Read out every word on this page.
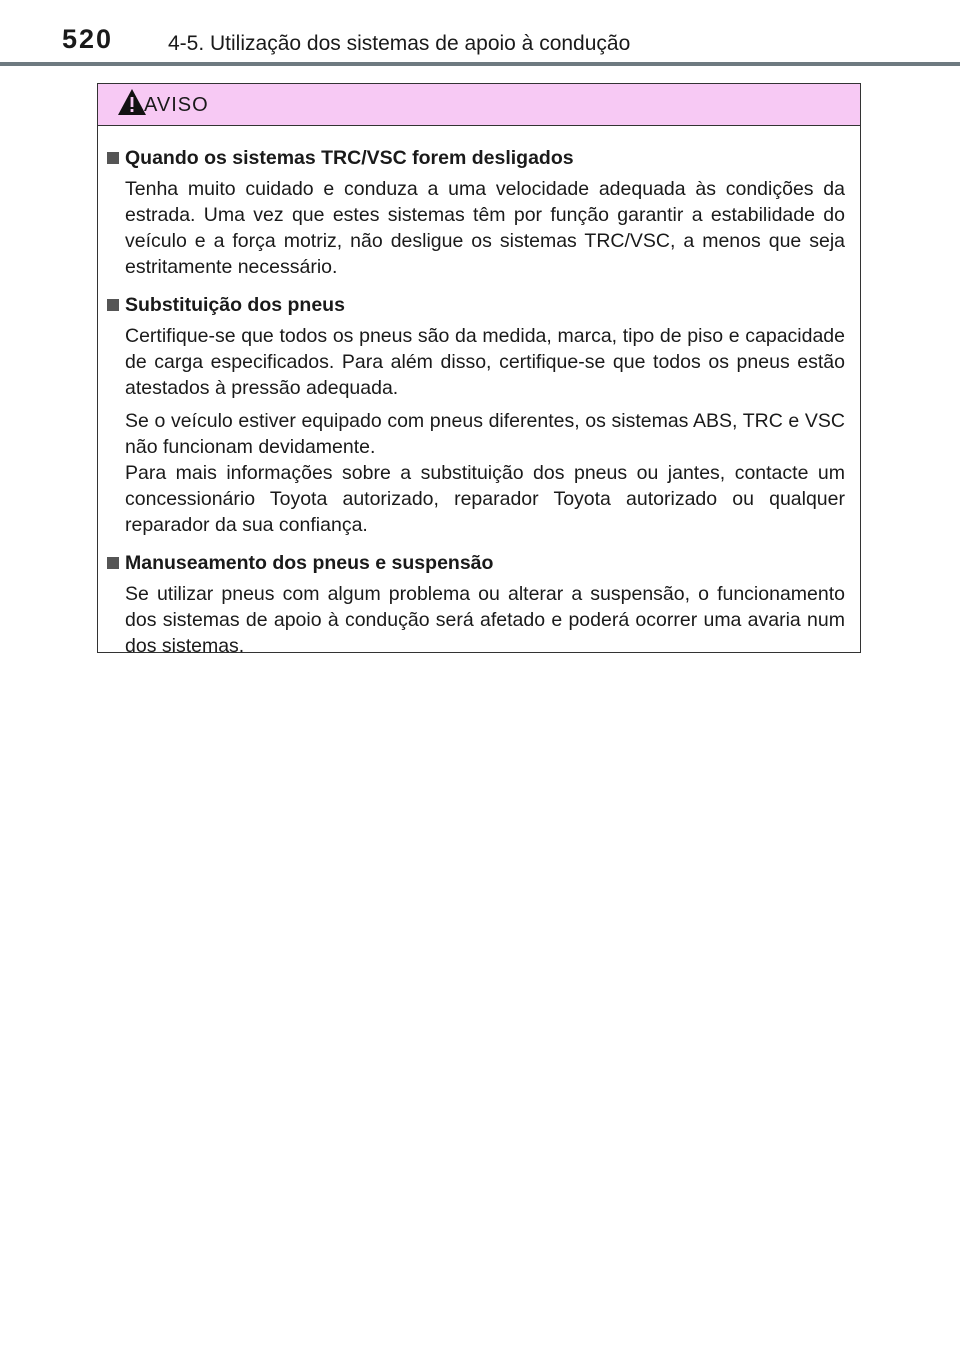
520	4-5. Utilização dos sistemas de apoio à condução
AVISO
Quando os sistemas TRC/VSC forem desligados
Tenha muito cuidado e conduza a uma velocidade adequada às condições da estrada. Uma vez que estes sistemas têm por função garantir a estabilidade do veículo e a força motriz, não desligue os sistemas TRC/VSC, a menos que seja estritamente necessário.
Substituição dos pneus
Certifique-se que todos os pneus são da medida, marca, tipo de piso e capacidade de carga especificados. Para além disso, certifique-se que todos os pneus estão atestados à pressão adequada.
Se o veículo estiver equipado com pneus diferentes, os sistemas ABS, TRC e VSC não funcionam devidamente.
Para mais informações sobre a substituição dos pneus ou jantes, contacte um concessionário Toyota autorizado, reparador Toyota autorizado ou qualquer reparador da sua confiança.
Manuseamento dos pneus e suspensão
Se utilizar pneus com algum problema ou alterar a suspensão, o funcionamento dos sistemas de apoio à condução será afetado e poderá ocorrer uma avaria num dos sistemas.
